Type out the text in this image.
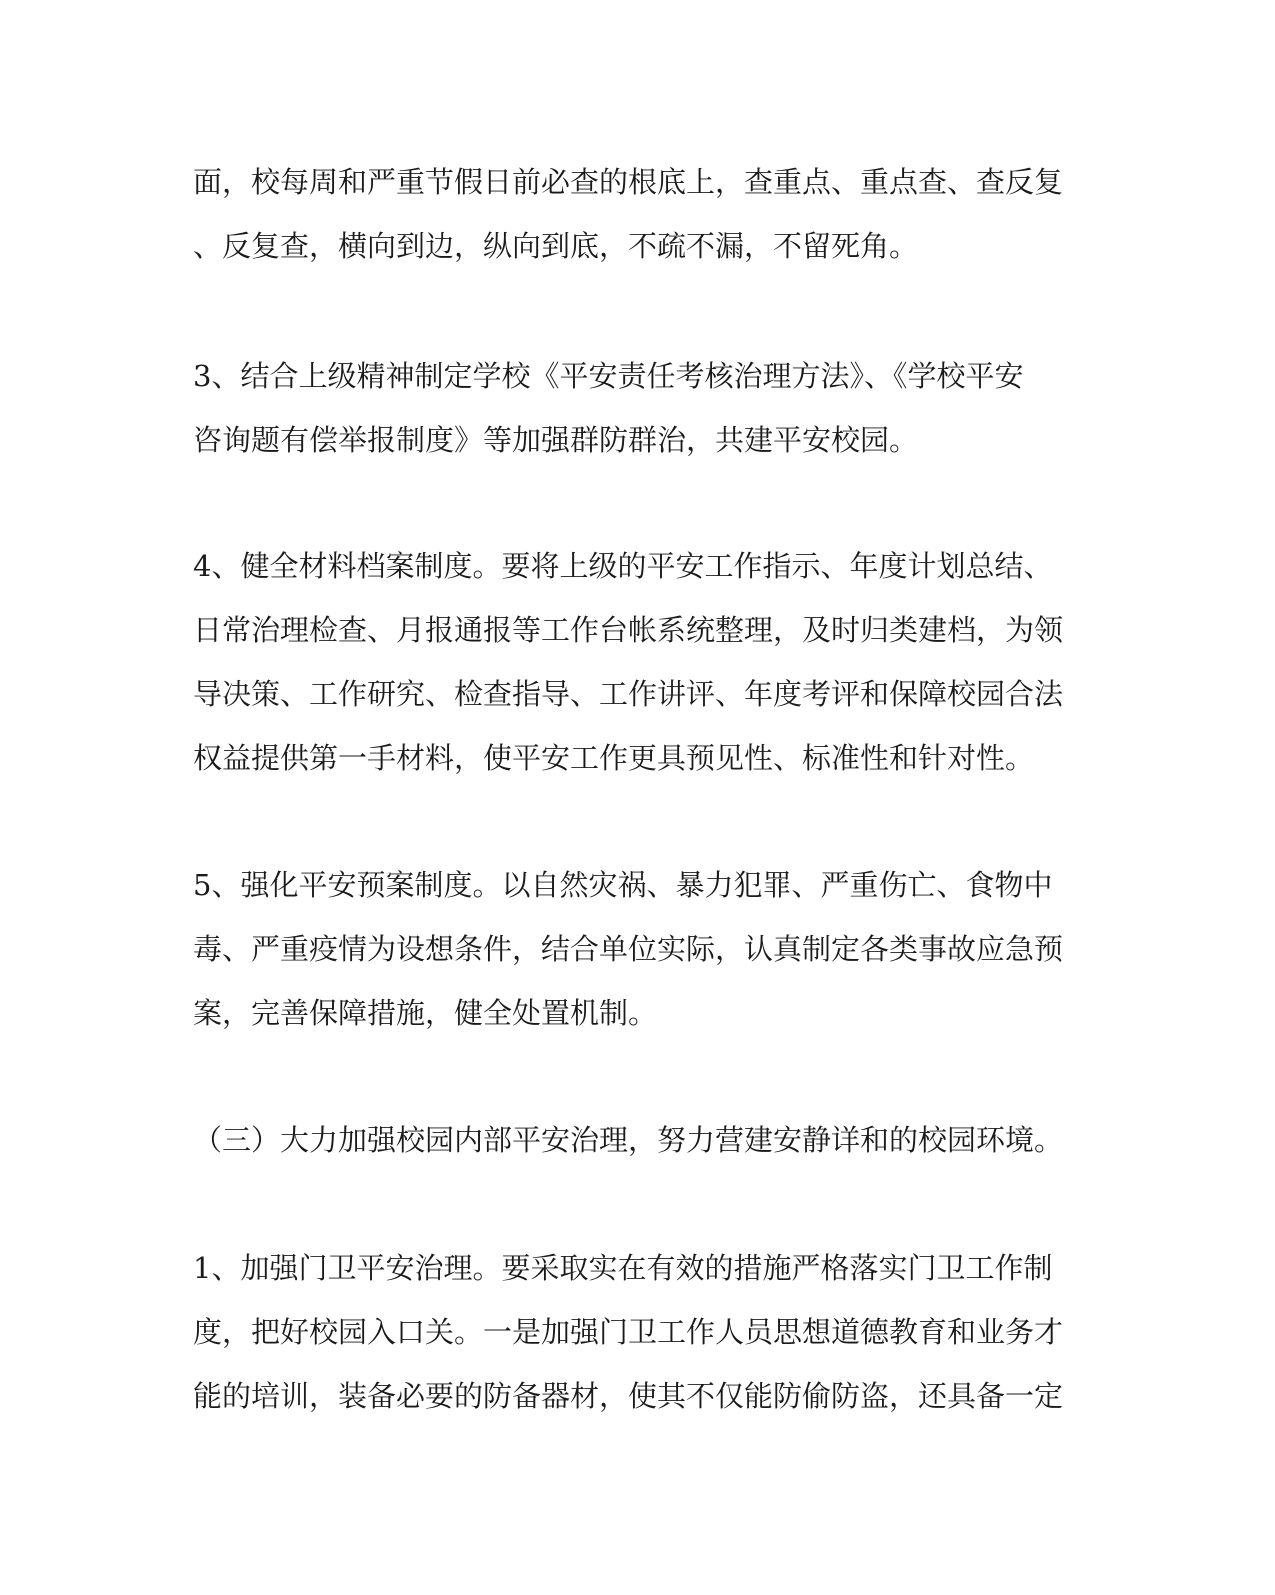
面，校每周和严重节假日前必查的根底上，查重点、重点查、查反复
、反复查，横向到边，纵向到底，不疏不漏，不留死角。
3、结合上级精神制定学校《平安责任考核治理方法》、《学校平安
咨询题有偿举报制度》等加强群防群治，共建平安校园。
4、健全材料档案制度。要将上级的平安工作指示、年度计划总结、
日常治理检查、月报通报等工作台帐系统整理，及时归类建档，为领
导决策、工作研究、检查指导、工作讲评、年度考评和保障校园合法
权益提供第一手材料，使平安工作更具预见性、标准性和针对性。
5、强化平安预案制度。以自然灾祸、暴力犯罪、严重伤亡、食物中
毒、严重疫情为设想条件，结合单位实际，认真制定各类事故应急预
案，完善保障措施，健全处置机制。
（三）大力加强校园内部平安治理，努力营建安静详和的校园环境。
1、加强门卫平安治理。要采取实在有效的措施严格落实门卫工作制
度，把好校园入口关。一是加强门卫工作人员思想道德教育和业务才
能的培训，装备必要的防备器材，使其不仅能防偷防盗，还具备一定
